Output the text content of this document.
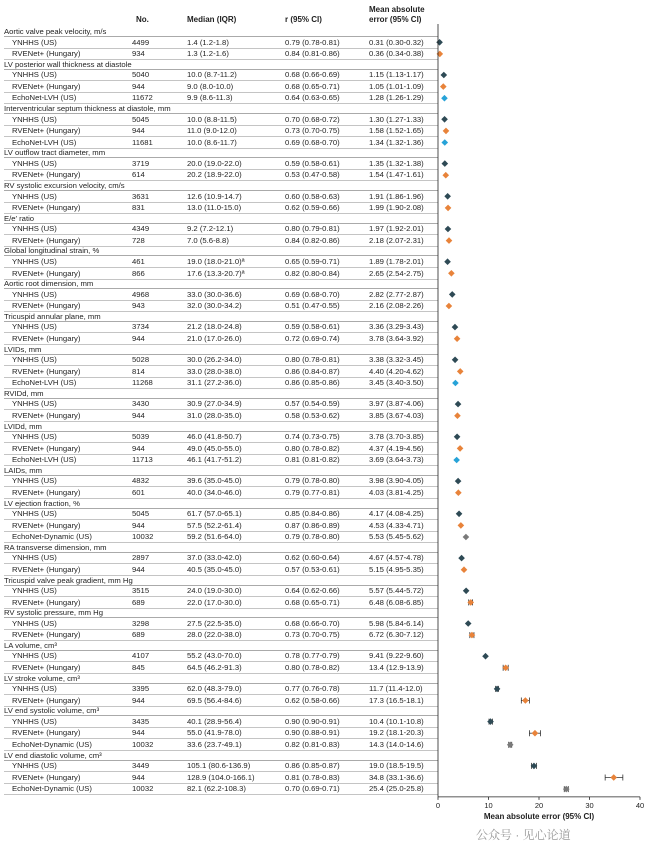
No.	Median (IQR)	r (95% CI)
Mean absolute
error (95% CI)
Aortic valve peak velocity, m/s
YNHHS (US)	4499	1.4 (1.2-1.8)	0.79 (0.78-0.81)	0.31 (0.30-0.32)
RVENet+ (Hungary)	934	1.3 (1.2-1.6)	0.84 (0.81-0.86)	0.36 (0.34-0.38)
LV posterior wall thickness at diastole
YNHHS (US)	5040	10.0 (8.7-11.2)	0.68 (0.66-0.69)	1.15 (1.13-1.17)
RVENet+ (Hungary)	944	9.0 (8.0-10.0)	0.68 (0.65-0.71)	1.05 (1.01-1.09)
EchoNet-LVH (US)	11672	9.9 (8.6-11.3)	0.64 (0.63-0.65)	1.28 (1.26-1.29)
Interventricular septum thickness at diastole, mm
YNHHS (US)	5045	10.0 (8.8-11.5)	0.70 (0.68-0.72)	1.30 (1.27-1.33)
RVENet+ (Hungary)	944	11.0 (9.0-12.0)	0.73 (0.70-0.75)	1.58 (1.52-1.65)
EchoNet-LVH (US)	11681	10.0 (8.6-11.7)	0.69 (0.68-0.70)	1.34 (1.32-1.36)
LV outflow tract diameter, mm
YNHHS (US)	3719	20.0 (19.0-22.0)	0.59 (0.58-0.61)	1.35 (1.32-1.38)
RVENet+ (Hungary)	614	20.2 (18.9-22.0)	0.53 (0.47-0.58)	1.54 (1.47-1.61)
RV systolic excursion velocity, cm/s
YNHHS (US)	3631	12.6 (10.9-14.7)	0.60 (0.58-0.63)	1.91 (1.86-1.96)
RVENet+ (Hungary)	831	13.0 (11.0-15.0)	0.62 (0.59-0.66)	1.99 (1.90-2.08)
E/e′ ratio
YNHHS (US)	4349	9.2 (7.2-12.1)	0.80 (0.79-0.81)	1.97 (1.92-2.01)
RVENet+ (Hungary)	728	7.0 (5.6-8.8)	0.84 (0.82-0.86)	2.18 (2.07-2.31)
Global longitudinal strain, %
YNHHS (US)	461	19.0 (18.0-21.0)ª	0.65 (0.59-0.71)	1.89 (1.78-2.01)
RVENet+ (Hungary)	866	17.6 (13.3-20.7)ª	0.82 (0.80-0.84)	2.65 (2.54-2.75)
Aortic root dimension, mm
YNHHS (US)	4968	33.0 (30.0-36.6)	0.69 (0.68-0.70)	2.82 (2.77-2.87)
RVENet+ (Hungary)	943	32.0 (30.0-34.2)	0.51 (0.47-0.55)	2.16 (2.08-2.26)
Tricuspid annular plane, mm
YNHHS (US)	3734	21.2 (18.0-24.8)	0.59 (0.58-0.61)	3.36 (3.29-3.43)
RVENet+ (Hungary)	944	21.0 (17.0-26.0)	0.72 (0.69-0.74)	3.78 (3.64-3.92)
LVIDs, mm
YNHHS (US)	5028	30.0 (26.2-34.0)	0.80 (0.78-0.81)	3.38 (3.32-3.45)
RVENet+ (Hungary)	814	33.0 (28.0-38.0)	0.86 (0.84-0.87)	4.40 (4.20-4.62)
EchoNet-LVH (US)	11268	31.1 (27.2-36.0)	0.86 (0.85-0.86)	3.45 (3.40-3.50)
RVIDd, mm
YNHHS (US)	3430	30.9 (27.0-34.9)	0.57 (0.54-0.59)	3.97 (3.87-4.06)
RVENet+ (Hungary)	944	31.0 (28.0-35.0)	0.58 (0.53-0.62)	3.85 (3.67-4.03)
LVIDd, mm
YNHHS (US)	5039	46.0 (41.8-50.7)	0.74 (0.73-0.75)	3.78 (3.70-3.85)
RVENet+ (Hungary)	944	49.0 (45.0-55.0)	0.80 (0.78-0.82)	4.37 (4.19-4.56)
EchoNet-LVH (US)	11713	46.1 (41.7-51.2)	0.81 (0.81-0.82)	3.69 (3.64-3.73)
LAIDs, mm
YNHHS (US)	4832	39.6 (35.0-45.0)	0.79 (0.78-0.80)	3.98 (3.90-4.05)
RVENet+ (Hungary)	601	40.0 (34.0-46.0)	0.79 (0.77-0.81)	4.03 (3.81-4.25)
LV ejection fraction, %
YNHHS (US)	5045	61.7 (57.0-65.1)	0.85 (0.84-0.86)	4.17 (4.08-4.25)
RVENet+ (Hungary)	944	57.5 (52.2-61.4)	0.87 (0.86-0.89)	4.53 (4.33-4.71)
EchoNet-Dynamic (US)	10032	59.2 (51.6-64.0)	0.79 (0.78-0.80)	5.53 (5.45-5.62)
RA transverse dimension, mm
YNHHS (US)	2897	37.0 (33.0-42.0)	0.62 (0.60-0.64)	4.67 (4.57-4.78)
RVENet+ (Hungary)	944	40.5 (35.0-45.0)	0.57 (0.53-0.61)	5.15 (4.95-5.35)
Tricuspid valve peak gradient, mm Hg
YNHHS (US)	3515	24.0 (19.0-30.0)	0.64 (0.62-0.66)	5.57 (5.44-5.72)
RVENet+ (Hungary)	689	22.0 (17.0-30.0)	0.68 (0.65-0.71)	6.48 (6.08-6.85)
RV systolic pressure, mm Hg
YNHHS (US)	3298	27.5 (22.5-35.0)	0.68 (0.66-0.70)	5.98 (5.84-6.14)
RVENet+ (Hungary)	689	28.0 (22.0-38.0)	0.73 (0.70-0.75)	6.72 (6.30-7.12)
LA volume, cm³
YNHHS (US)	4107	55.2 (43.0-70.0)	0.78 (0.77-0.79)	9.41 (9.22-9.60)
RVENet+ (Hungary)	845	64.5 (46.2-91.3)	0.80 (0.78-0.82)	13.4 (12.9-13.9)
LV stroke volume, cm³
YNHHS (US)	3395	62.0 (48.3-79.0)	0.77 (0.76-0.78)	11.7 (11.4-12.0)
RVENet+ (Hungary)	944	69.5 (56.4-84.6)	0.62 (0.58-0.66)	17.3 (16.5-18.1)
LV end systolic volume, cm³
YNHHS (US)	3435	40.1 (28.9-56.4)	0.90 (0.90-0.91)	10.4 (10.1-10.8)
RVENet+ (Hungary)	944	55.0 (41.9-78.0)	0.90 (0.88-0.91)	19.2 (18.1-20.3)
EchoNet-Dynamic (US)	10032	33.6 (23.7-49.1)	0.82 (0.81-0.83)	14.3 (14.0-14.6)
LV end diastolic volume, cm³
YNHHS (US)	3449	105.1 (80.6-136.9)	0.86 (0.85-0.87)	19.0 (18.5-19.5)
RVENet+ (Hungary)	944	128.9 (104.0-166.1)	0.81 (0.78-0.83)	34.8 (33.1-36.6)
EchoNet-Dynamic (US)	10032	82.1 (62.2-108.3)	0.70 (0.69-0.71)	25.4 (25.0-25.8)
0	10	20	30	40
Mean absolute error (95% CI)
公众号 · 见心论道
